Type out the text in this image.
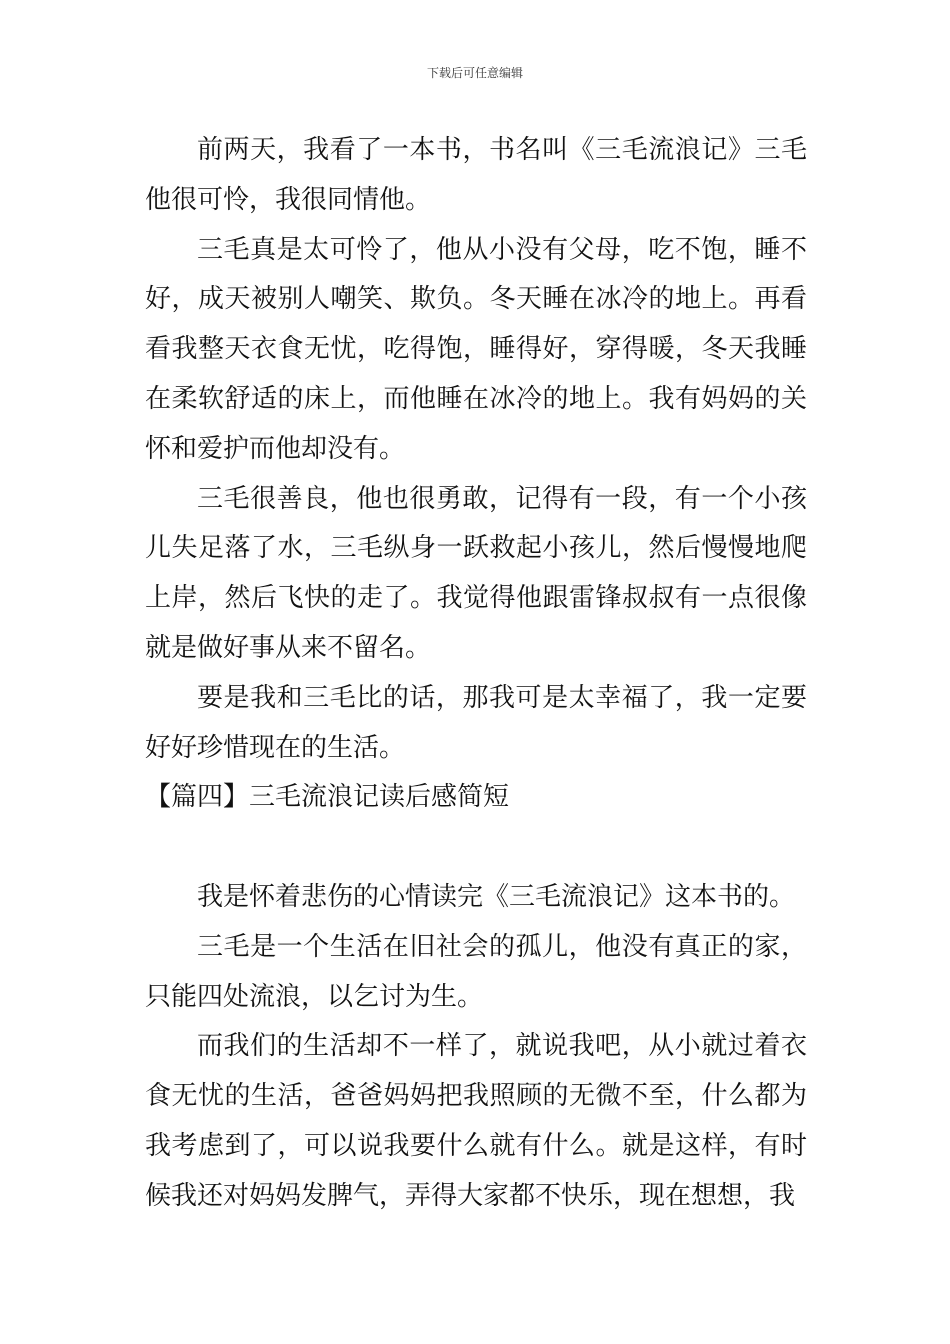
下载后可任意编辑

前两天，我看了一本书，书名叫《三毛流浪记》三毛他很可怜，我很同情他。

三毛真是太可怜了，他从小没有父母，吃不饱，睡不好，成天被别人嘲笑、欺负。冬天睡在冰冷的地上。再看看我整天衣食无忧，吃得饱，睡得好，穿得暖，冬天我睡在柔软舒适的床上，而他睡在冰冷的地上。我有妈妈的关怀和爱护而他却没有。

三毛很善良，他也很勇敢，记得有一段，有一个小孩儿失足落了水，三毛纵身一跃救起小孩儿，然后慢慢地爬上岸，然后飞快的走了。我觉得他跟雷锋叔叔有一点很像就是做好事从来不留名。

要是我和三毛比的话，那我可是太幸福了，我一定要好好珍惜现在的生活。

【篇四】三毛流浪记读后感简短

我是怀着悲伤的心情读完《三毛流浪记》这本书的。

三毛是一个生活在旧社会的孤儿，他没有真正的家，只能四处流浪，以乞讨为生。

而我们的生活却不一样了，就说我吧，从小就过着衣食无忧的生活，爸爸妈妈把我照顾的无微不至，什么都为我考虑到了，可以说我要什么就有什么。就是这样，有时候我还对妈妈发脾气，弄得大家都不快乐，现在想想，我
